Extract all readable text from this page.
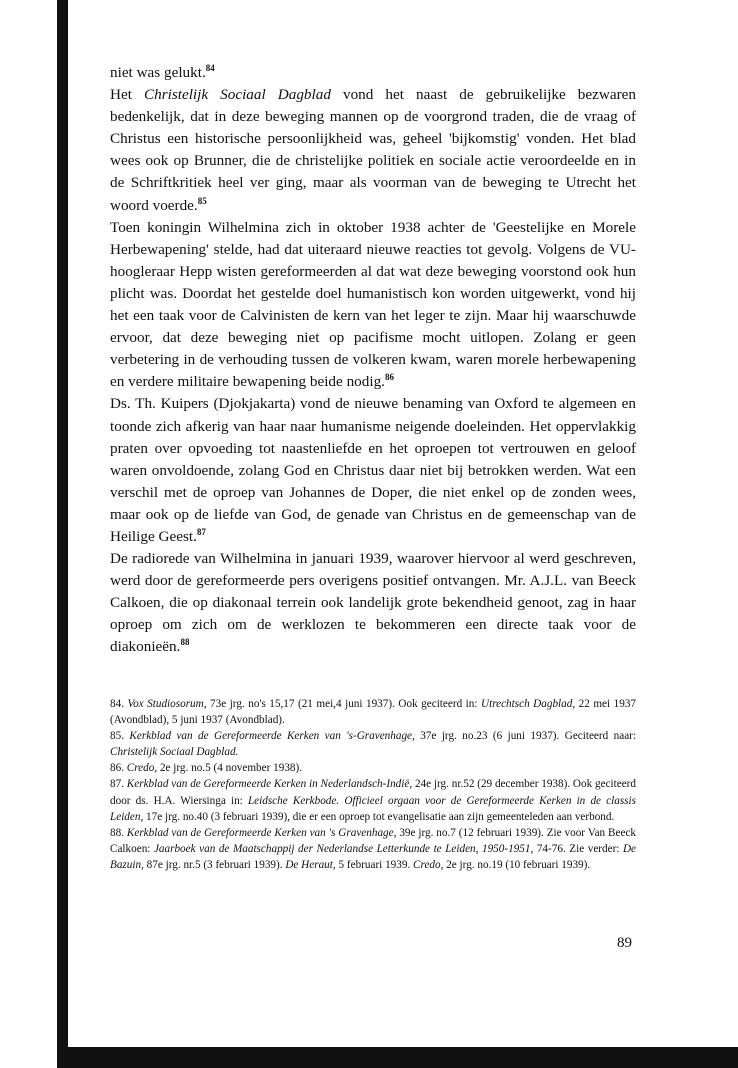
niet was gelukt.$^{84}$

Het Christelijk Sociaal Dagblad vond het naast de gebruikelijke bezwaren bedenkelijk, dat in deze beweging mannen op de voorgrond traden, die de vraag of Christus een historische persoonlijkheid was, geheel 'bijkomstig' vonden. Het blad wees ook op Brunner, die de christelijke politiek en sociale actie veroordeelde en in de Schriftkritiek heel ver ging, maar als voorman van de beweging te Utrecht het woord voerde.$^{85}$

Toen koningin Wilhelmina zich in oktober 1938 achter de 'Geestelijke en Morele Herbewapening' stelde, had dat uiteraard nieuwe reacties tot gevolg. Volgens de VU-hoogleraar Hepp wisten gereformeerden al dat wat deze beweging voorstond ook hun plicht was. Doordat het gestelde doel humanistisch kon worden uitgewerkt, vond hij het een taak voor de Calvinisten de kern van het leger te zijn. Maar hij waarschuwde ervoor, dat deze beweging niet op pacifisme mocht uitlopen. Zolang er geen verbetering in de verhouding tussen de volkeren kwam, waren morele herbewapening en verdere militaire bewapening beide nodig.$^{86}$

Ds. Th. Kuipers (Djokjakarta) vond de nieuwe benaming van Oxford te algemeen en toonde zich afkerig van haar naar humanisme neigende doeleinden. Het oppervlakkig praten over opvoeding tot naastenliefde en het oproepen tot vertrouwen en geloof waren onvoldoende, zolang God en Christus daar niet bij betrokken werden. Wat een verschil met de oproep van Johannes de Doper, die niet enkel op de zonden wees, maar ook op de liefde van God, de genade van Christus en de gemeenschap van de Heilige Geest.$^{87}$

De radiorede van Wilhelmina in januari 1939, waarover hiervoor al werd geschreven, werd door de gereformeerde pers overigens positief ontvangen. Mr. A.J.L. van Beeck Calkoen, die op diakonaal terrein ook landelijk grote bekendheid genoot, zag in haar oproep om zich om de werklozen te bekommeren een directe taak voor de diakonieën.$^{88}$

84. Vox Studiosorum, 73e jrg. no's 15,17 (21 mei,4 juni 1937). Ook geciteerd in: Utrechtsch Dagblad, 22 mei 1937 (Avondblad), 5 juni 1937 (Avondblad).

85. Kerkblad van de Gereformeerde Kerken van 's-Gravenhage, 37e jrg. no.23 (6 juni 1937). Geciteerd naar: Christelijk Sociaal Dagblad.

86. Credo, 2e jrg. no.5 (4 november 1938).

87. Kerkblad van de Gereformeerde Kerken in Nederlandsch-Indië, 24e jrg. nr.52 (29 december 1938). Ook geciteerd door ds. H.A. Wiersinga in: Leidsche Kerkbode. Officieel orgaan voor de Gereformeerde Kerken in de classis Leiden, 17e jrg. no.40 (3 februari 1939), die er een oproep tot evangelisatie aan zijn gemeenteleden aan verbond.

88. Kerkblad van de Gereformeerde Kerken van 's Gravenhage, 39e jrg. no.7 (12 februari 1939). Zie voor Van Beeck Calkoen: Jaarboek van de Maatschappij der Nederlandse Letterkunde te Leiden, 1950-1951, 74-76. Zie verder: De Bazuin, 87e jrg. nr.5 (3 februari 1939). De Heraut, 5 februari 1939. Credo, 2e jrg. no.19 (10 februari 1939).

89
